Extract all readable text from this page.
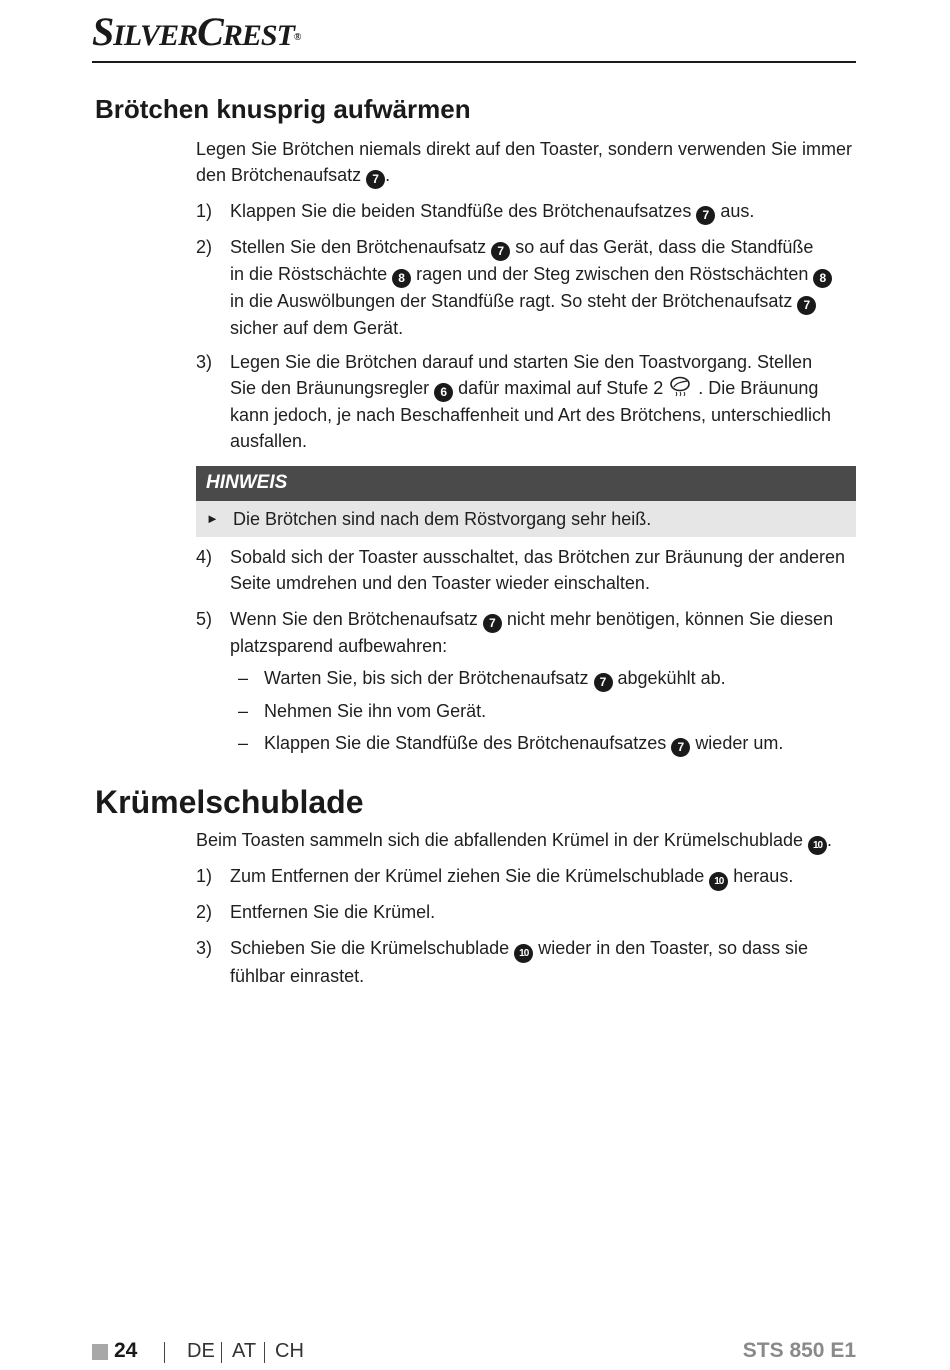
SILVERCREST®
Brötchen knusprig aufwärmen

Legen Sie Brötchen niemals direkt auf den Toaster, sondern verwenden Sie immer
den Brötchenaufsatz 7 .

1) Klappen Sie die beiden Standfüße des Brötchenaufsatzes 7 aus.
2) Stellen Sie den Brötchenaufsatz 7 so auf das Gerät, dass die Standfüße
in die Röstschächte 8 ragen und der Steg zwischen den Röstschächten 8
in die Auswölbungen der Standfüße ragt. So steht der Brötchenaufsatz 7
sicher auf dem Gerät.
3) Legen Sie die Brötchen darauf und starten Sie den Toastvorgang. Stellen
Sie den Bräunungsregler 6 dafür maximal auf Stufe 2 . Die Bräunung
kann jedoch, je nach Beschaffenheit und Art des Brötchens, unterschiedlich
ausfallen.
HINWEIS
► Die Brötchen sind nach dem Röstvorgang sehr heiß.
4) Sobald sich der Toaster ausschaltet, das Brötchen zur Bräunung der anderen
Seite umdrehen und den Toaster wieder einschalten.
5) Wenn Sie den Brötchenaufsatz 7 nicht mehr benötigen, können Sie diesen
platzsparend aufbewahren:
– Warten Sie, bis sich der Brötchenaufsatz 7 abgekühlt ab.
– Nehmen Sie ihn vom Gerät.
– Klappen Sie die Standfüße des Brötchenaufsatzes 7 wieder um.
Krümelschublade

Beim Toasten sammeln sich die abfallenden Krümel in der Krümelschublade 10 .

1) Zum Entfernen der Krümel ziehen Sie die Krümelschublade 10 heraus.
2) Entfernen Sie die Krümel.
3) Schieben Sie die Krümelschublade 10 wieder in den Toaster, so dass sie
fühlbar einrastet.
24 DE AT CH	STS 850 E1
